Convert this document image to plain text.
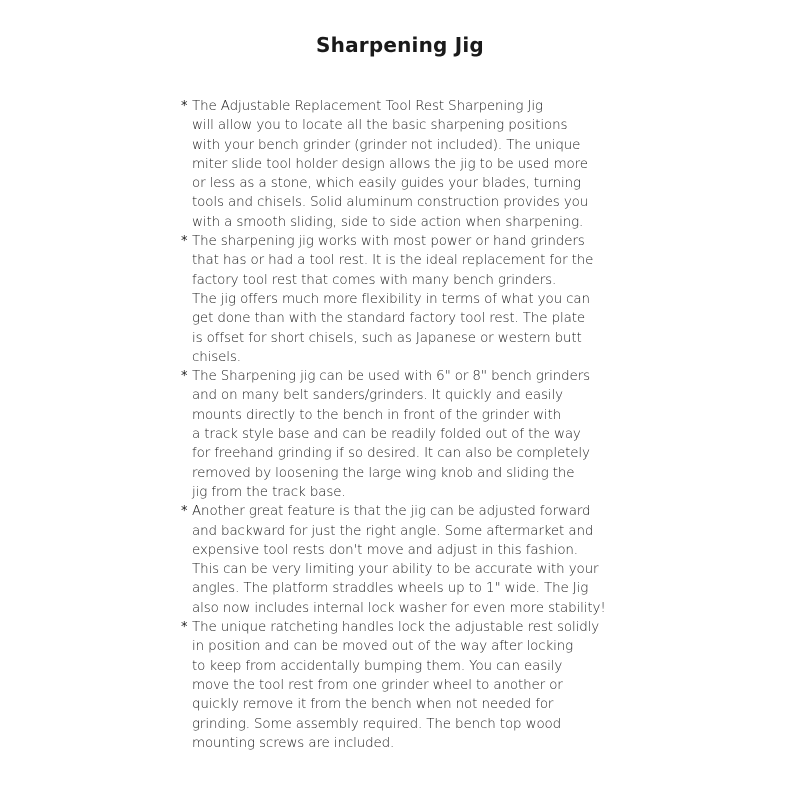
Sharpening Jig
* The Adjustable Replacement Tool Rest Sharpening Jig
will allow you to locate all the basic sharpening positions
with your bench grinder (grinder not included). The unique
miter slide tool holder design allows the jig to be used more
or less as a stone, which easily guides your blades, turning
tools and chisels. Solid aluminum construction provides you
with a smooth sliding, side to side action when sharpening.
* The sharpening jig works with most power or hand grinders
that has or had a tool rest. It is the ideal replacement for the
factory tool rest that comes with many bench grinders.
The jig offers much more flexibility in terms of what you can
get done than with the standard factory tool rest. The plate
is offset for short chisels, such as Japanese or western butt
chisels.
* The Sharpening jig can be used with 6" or 8" bench grinders
and on many belt sanders/grinders. It quickly and easily
mounts directly to the bench in front of the grinder with
a track style base and can be readily folded out of the way
for freehand grinding if so desired. It can also be completely
removed by loosening the large wing knob and sliding the
jig from the track base.
* Another great feature is that the jig can be adjusted forward
and backward for just the right angle. Some aftermarket and
expensive tool rests don't move and adjust in this fashion.
This can be very limiting your ability to be accurate with your
angles. The platform straddles wheels up to 1" wide. The Jig
also now includes internal lock washer for even more stability!
* The unique ratcheting handles lock the adjustable rest solidly
in position and can be moved out of the way after locking
to keep from accidentally bumping them. You can easily
move the tool rest from one grinder wheel to another or
quickly remove it from the bench when not needed for
grinding. Some assembly required. The bench top wood
mounting screws are included.
